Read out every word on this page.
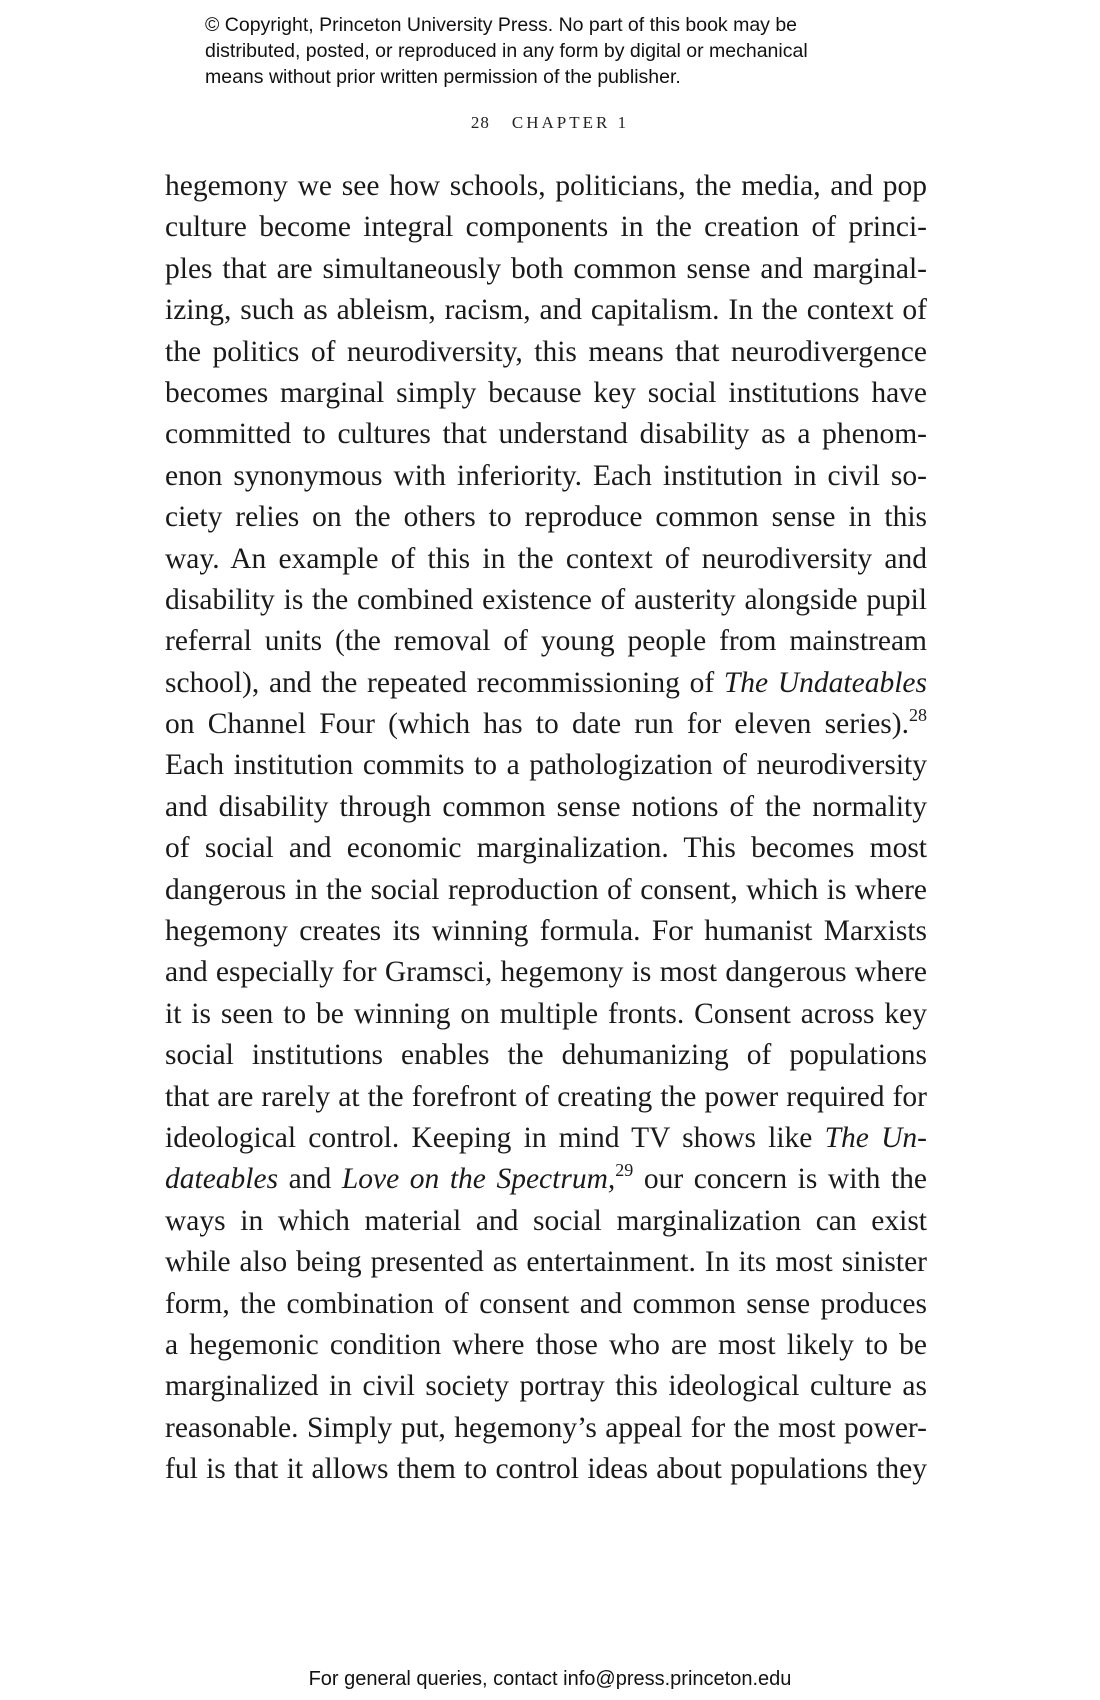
© Copyright, Princeton University Press. No part of this book may be
distributed, posted, or reproduced in any form by digital or mechanical
means without prior written permission of the publisher.
28 CHAPTER 1
hegemony we see how schools, politicians, the media, and pop
culture become integral components in the creation of princi-
ples that are simultaneously both common sense and marginal-
izing, such as ableism, racism, and capitalism. In the context of
the politics of neurodiversity, this means that neurodivergence
becomes marginal simply because key social institutions have
committed to cultures that understand disability as a phenom-
enon synonymous with inferiority. Each institution in civil so-
ciety relies on the others to reproduce common sense in this
way. An example of this in the context of neurodiversity and
disability is the combined existence of austerity alongside pupil
referral units (the removal of young people from mainstream
school), and the repeated recommissioning of The Undateables
on Channel Four (which has to date run for eleven series).$^{28}$
Each institution commits to a pathologization of neurodiversity
and disability through common sense notions of the normality
of social and economic marginalization. This becomes most
dangerous in the social reproduction of consent, which is where
hegemony creates its winning formula. For humanist Marxists
and especially for Gramsci, hegemony is most dangerous where
it is seen to be winning on multiple fronts. Consent across key
social institutions enables the dehumanizing of populations
that are rarely at the forefront of creating the power required for
ideological control. Keeping in mind TV shows like The Un-
dateables and Love on the Spectrum,$^{29}$ our concern is with the
ways in which material and social marginalization can exist
while also being presented as entertainment. In its most sinister
form, the combination of consent and common sense produces
a hegemonic condition where those who are most likely to be
marginalized in civil society portray this ideological culture as
reasonable. Simply put, hegemony’s appeal for the most power-
ful is that it allows them to control ideas about populations they
For general queries, contact info@press.princeton.edu
